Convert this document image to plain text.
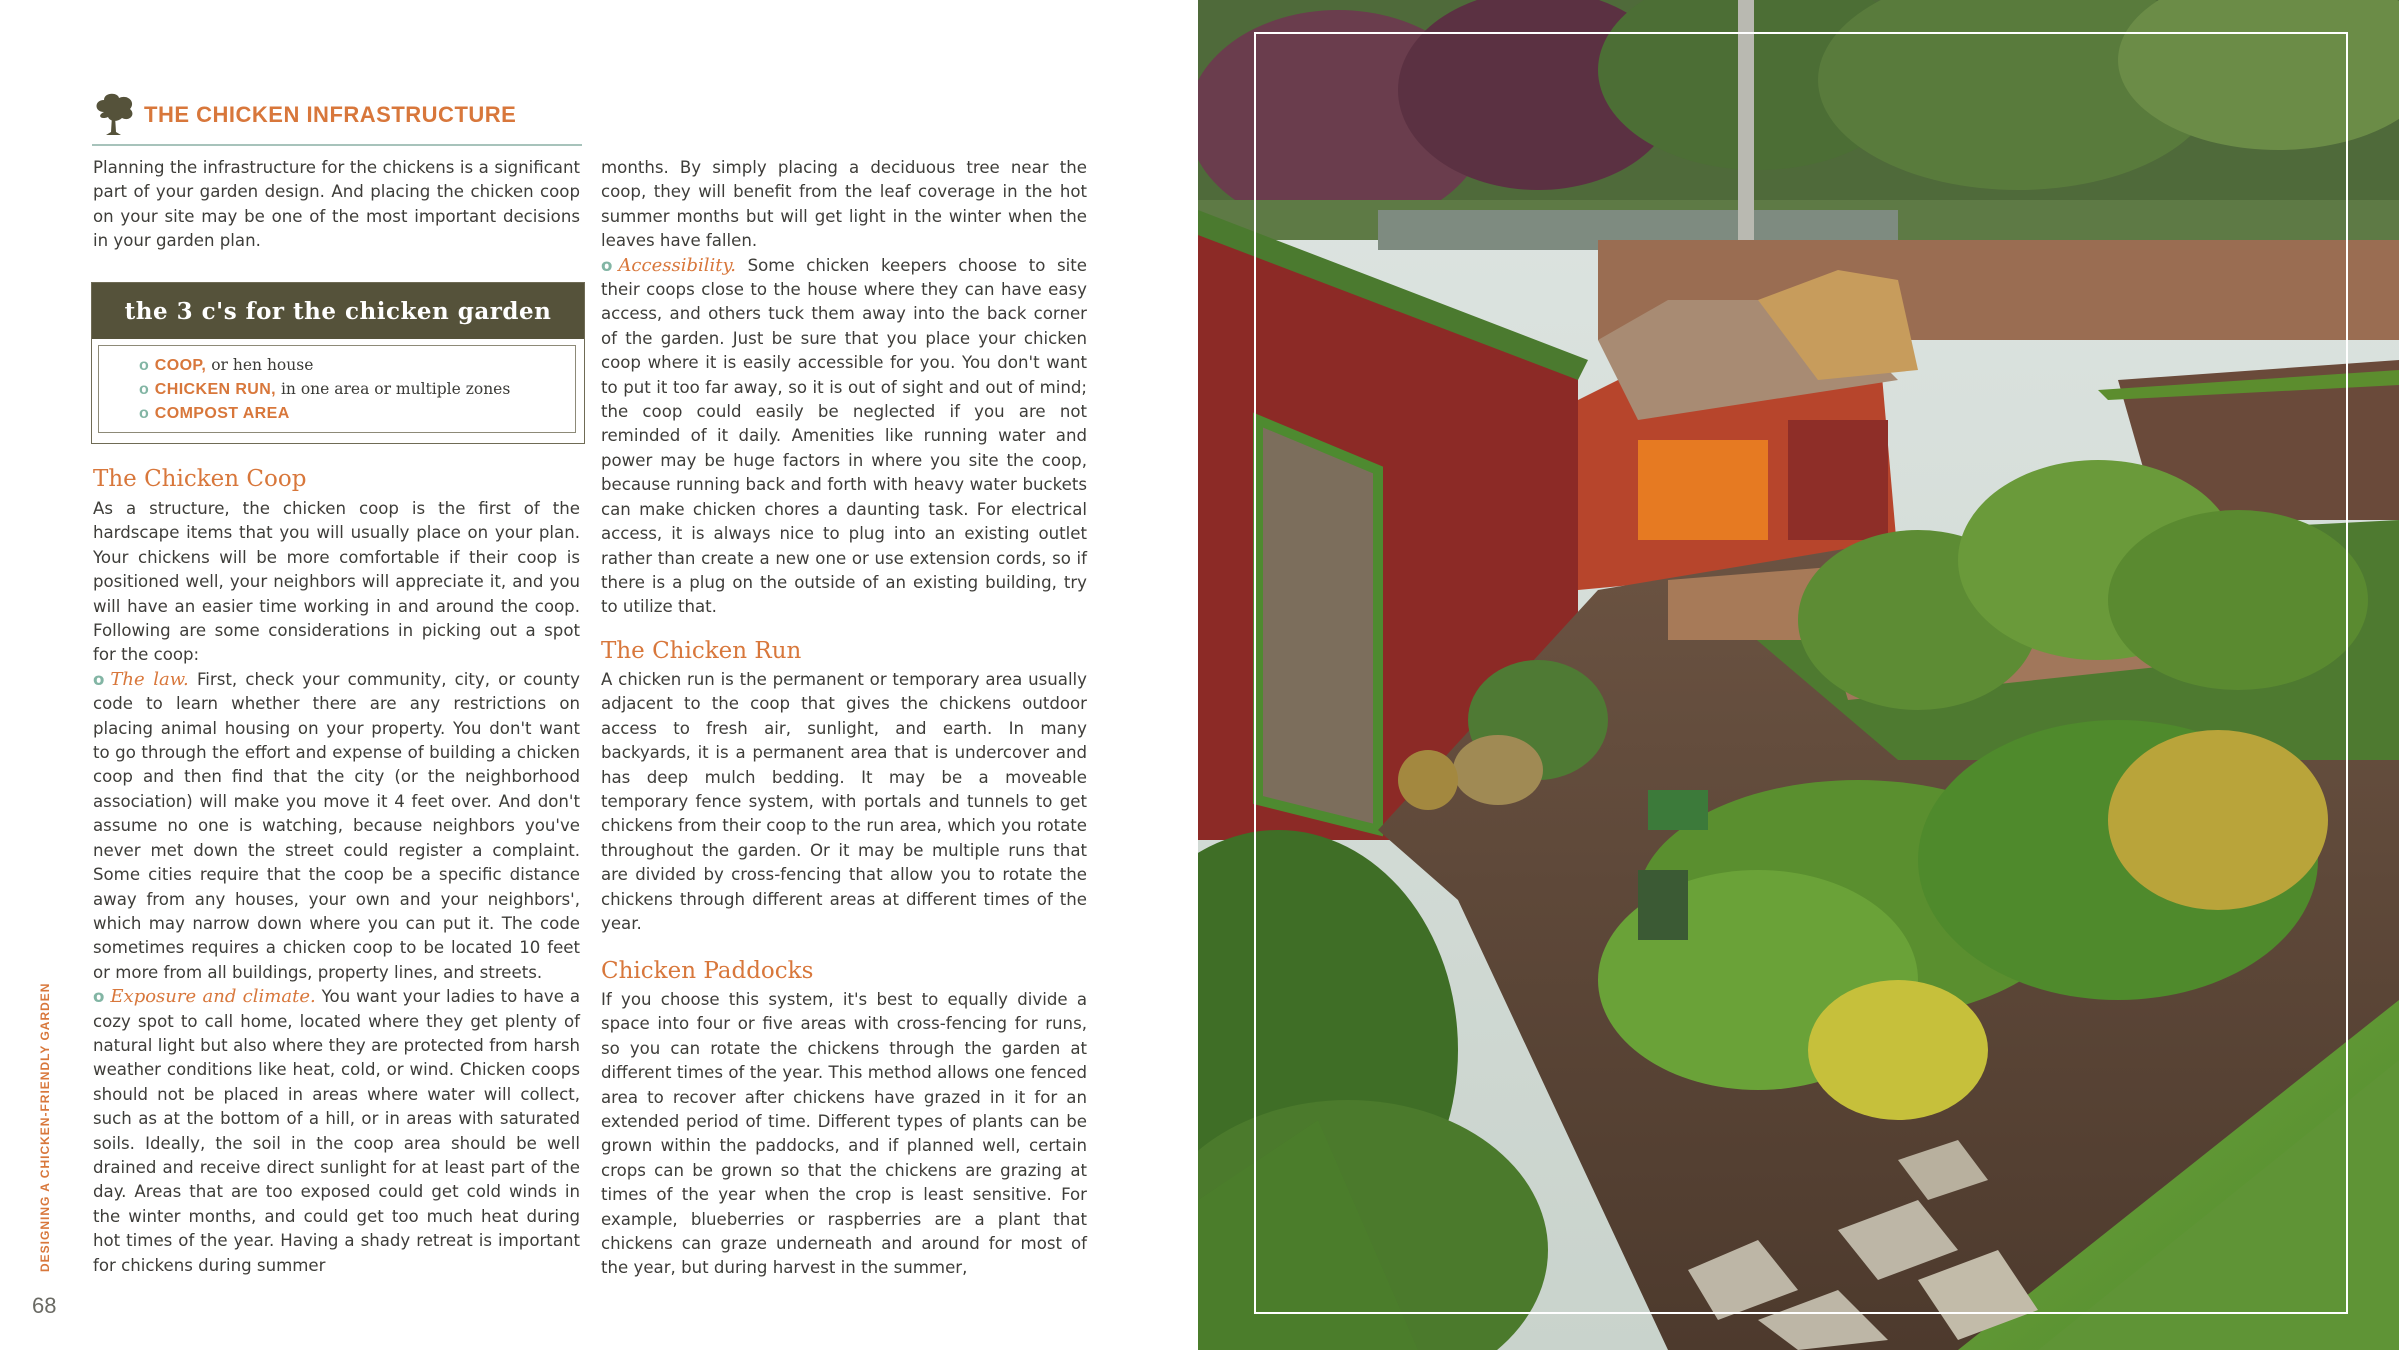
THE CHICKEN INFRASTRUCTURE

Planning the infrastructure for the chickens is a significant part of your garden design. And placing the chicken coop on your site may be one of the most important decisions in your garden plan.

the 3 c's for the chicken garden
o COOP, or hen house
o CHICKEN RUN, in one area or multiple zones
o COMPOST AREA
The Chicken Coop

As a structure, the chicken coop is the first of the hardscape items that you will usually place on your plan. Your chickens will be more comfortable if their coop is positioned well, your neighbors will appreciate it, and you will have an easier time working in and around the coop. Following are some considerations in picking out a spot for the coop:

o The law. First, check your community, city, or county code to learn whether there are any restrictions on placing animal housing on your property. You don't want to go through the effort and expense of building a chicken coop and then find that the city (or the neighborhood association) will make you move it 4 feet over. And don't assume no one is watching, because neighbors you've never met down the street could register a complaint. Some cities require that the coop be a specific distance away from any houses, your own and your neighbors', which may narrow down where you can put it. The code sometimes requires a chicken coop to be located 10 feet or more from all buildings, property lines, and streets.

o Exposure and climate. You want your ladies to have a cozy spot to call home, located where they get plenty of natural light but also where they are protected from harsh weather conditions like heat, cold, or wind. Chicken coops should not be placed in areas where water will collect, such as at the bottom of a hill, or in areas with saturated soils. Ideally, the soil in the coop area should be well drained and receive direct sunlight for at least part of the day. Areas that are too exposed could get cold winds in the winter months, and could get too much heat during hot times of the year. Having a shady retreat is important for chickens during summer

months. By simply placing a deciduous tree near the coop, they will benefit from the leaf coverage in the hot summer months but will get light in the winter when the leaves have fallen.

o Accessibility. Some chicken keepers choose to site their coops close to the house where they can have easy access, and others tuck them away into the back corner of the garden. Just be sure that you place your chicken coop where it is easily accessible for you. You don't want to put it too far away, so it is out of sight and out of mind; the coop could easily be neglected if you are not reminded of it daily. Amenities like running water and power may be huge factors in where you site the coop, because running back and forth with heavy water buckets can make chicken chores a daunting task. For electrical access, it is always nice to plug into an existing outlet rather than create a new one or use extension cords, so if there is a plug on the outside of an existing building, try to utilize that.

The Chicken Run

A chicken run is the permanent or temporary area usually adjacent to the coop that gives the chickens outdoor access to fresh air, sunlight, and earth. In many backyards, it is a permanent area that is undercover and has deep mulch bedding. It may be a moveable temporary fence system, with portals and tunnels to get chickens from their coop to the run area, which you rotate throughout the garden. Or it may be multiple runs that are divided by cross-fencing that allow you to rotate the chickens through different areas at different times of the year.

Chicken Paddocks

If you choose this system, it's best to equally divide a space into four or five areas with cross-fencing for runs, so you can rotate the chickens through the garden at different times of the year. This method allows one fenced area to recover after chickens have grazed in it for an extended period of time. Different types of plants can be grown within the paddocks, and if planned well, certain crops can be grown so that the chickens are grazing at times of the year when the crop is least sensitive. For example, blueberries or raspberries are a plant that chickens can graze underneath and around for most of the year, but during harvest in the summer,

DESIGNING A CHICKEN-FRIENDLY GARDEN
68
